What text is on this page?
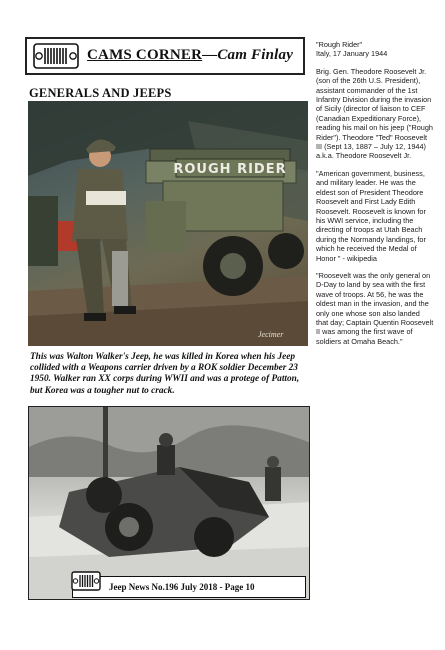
CAMS CORNER—Cam Finlay
GENERALS AND JEEPS
ROUGH RIDER
Jecimer
This was Walton Walker's Jeep, he was killed in Korea when his Jeep collided with a Weapons carrier driven by a ROK soldier December 23 1950. Walker ran XX corps during WWII and was a protege of Patton, but Korea was a tougher nut to crack.
Jeep News No.196 July 2018 - Page 10

"Rough Rider"
Italy, 17 January 1944

Brig. Gen. Theodore Roosevelt Jr. (son of the 26th U.S. President), assistant commander of the 1st Infantry Division during the invasion of Sicily (director of liaison to CEF (Canadian Expeditionary Force), reading his mail on his jeep ("Rough Rider"). Theodore "Ted" Roosevelt III (Sept 13, 1887 – July 12, 1944) a.k.a. Theodore Roosevelt Jr.

"American government, business, and military leader. He was the eldest son of President Theodore Roosevelt and First Lady Edith Roosevelt. Roosevelt is known for his WWI service, including the directing of troops at Utah Beach during the Normandy landings, for which he received the Medal of Honor " - wikipedia

"Roosevelt was the only general on D-Day to land by sea with the first wave of troops. At 56, he was the oldest man in the invasion, and the only one whose son also landed that day; Captain Quentin Roosevelt II was among the first wave of soldiers at Omaha Beach."
